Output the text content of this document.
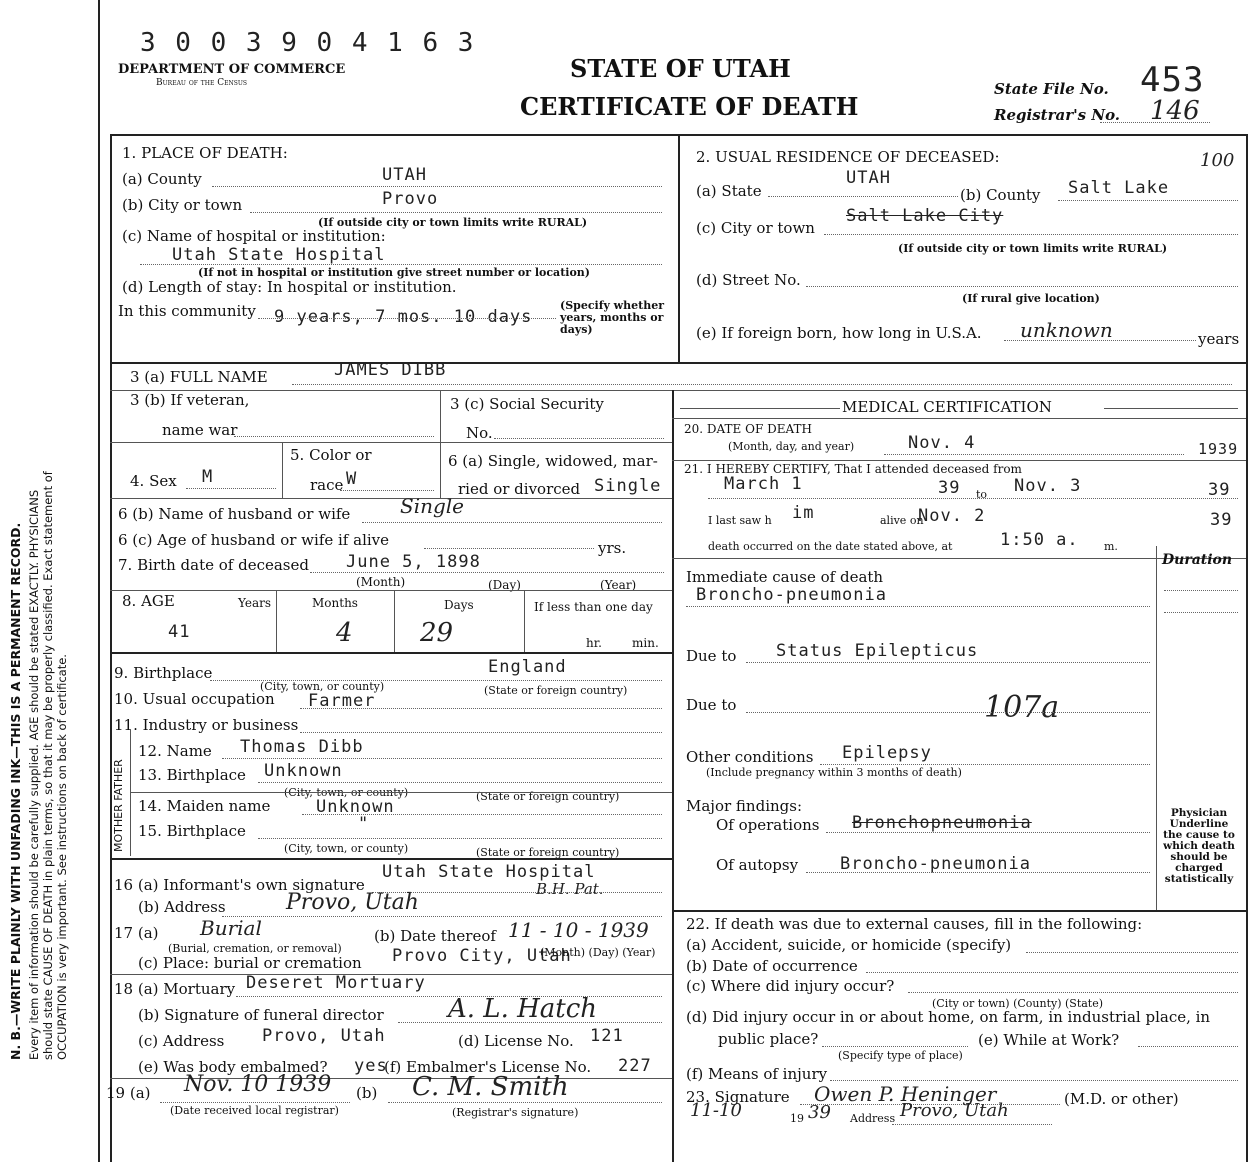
N. B.—WRITE PLAINLY WITH UNFADING INK—THIS IS A PERMANENT RECORD. Every item of information should be carefully supplied. AGE should be stated EXACTLY. PHYSICIANS should state CAUSE OF DEATH in plain terms, so that it may be properly classified. Exact statement of OCCUPATION is very important. See instructions on back of certificate.
3 0 0 3 9 0 4 1 6 3
DEPARTMENT OF COMMERCE
Bureau of the Census	STATE OF UTAH
CERTIFICATE OF DEATH
State File No. 453
Registrar's No. 146
1. PLACE OF DEATH:
(a) County	UTAH
(b) City or town	Provo
(If outside city or town limits write RURAL)
(c) Name of hospital or institution:
Utah State Hospital
(If not in hospital or institution give street number or location)
(d) Length of stay: In hospital or institution.
In this community 9 years, 7 mos. 10 days
(Specify whether years, months or days)
2. USUAL RESIDENCE OF DECEASED:	100
(a) State
UTAH
(b) County Salt Lake
(c) City or town
Salt Lake City
(If outside city or town limits write RURAL)
(d) Street No.
(If rural give location)
(e) If foreign born, how long in U.S.A. unknown	years
3 (a) FULL NAME	JAMES DIBB
3 (b) If veteran,
name war
3 (c) Social Security
No.
4. Sex M
5. Color or
race W
6 (a) Single, widowed, mar-
ried or divorced Single
6 (b) Name of husband or wife Single
6 (c) Age of husband or wife if alive	yrs.
7. Birth date of deceased June 5, 1898
(Month)	(Day)	(Year)
8. AGE	Years
41
Months
4
Days
29
If less than one day
hr.	min.
9. Birthplace	England
(City, town, or county)	(State or foreign country)
10. Usual occupation Farmer
11. Industry or business
MOTHER FATHER
12. Name Thomas Dibb
13. Birthplace Unknown
(City, town, or county)	(State or foreign country)
14. Maiden name	Unknown
15. Birthplace	"
(City, town, or county)	(State or foreign country)
16 (a) Informant's own signature
Utah State Hospital
B.H. Pat.
(b) Address	Provo, Utah
17 (a) Burial
(Burial, cremation, or removal)
(b) Date thereof 11 - 10 - 1939
(Month) (Day) (Year)
(c) Place: burial or cremation Provo City, Utah
18 (a) Mortuary Deseret Mortuary
(b) Signature of funeral director A. L. Hatch
(c) Address Provo, Utah	(d) License No. 121
(e) Was body embalmed? yes
(f) Embalmer's License No. 227
19 (a) Nov. 10 1939
(Date received local registrar)
(b) C. M. Smith
(Registrar's signature)
MEDICAL CERTIFICATION
20. DATE OF DEATH
(Month, day, and year)	Nov. 4	1939
21. I HEREBY CERTIFY, That I attended deceased from
March 1	39 to Nov. 3	39
I last saw h im	alive on
Nov. 2	39
death occurred on the date stated above, at	1:50 a. m.
Duration
Immediate cause of death
Broncho-pneumonia
Due to Status Epilepticus
Due to	107a
Other conditions Epilepsy
(Include pregnancy within 3 months of death)
Major findings:
Of operations Bronchopneumonia	Physician Underline the cause to which death should be charged statistically
Of autopsy Broncho-pneumonia
22. If death was due to external causes, fill in the following:
(a) Accident, suicide, or homicide (specify)
(b) Date of occurrence
(c) Where did injury occur?
(City or town) (County) (State)
(d) Did injury occur in or about home, on farm, in industrial place, in
public place?
(Specify type of place)
(e) While at Work?
(f) Means of injury
23. Signature Owen P. Heninger	(M.D. or other)
11-10	19 39 Address Provo, Utah
